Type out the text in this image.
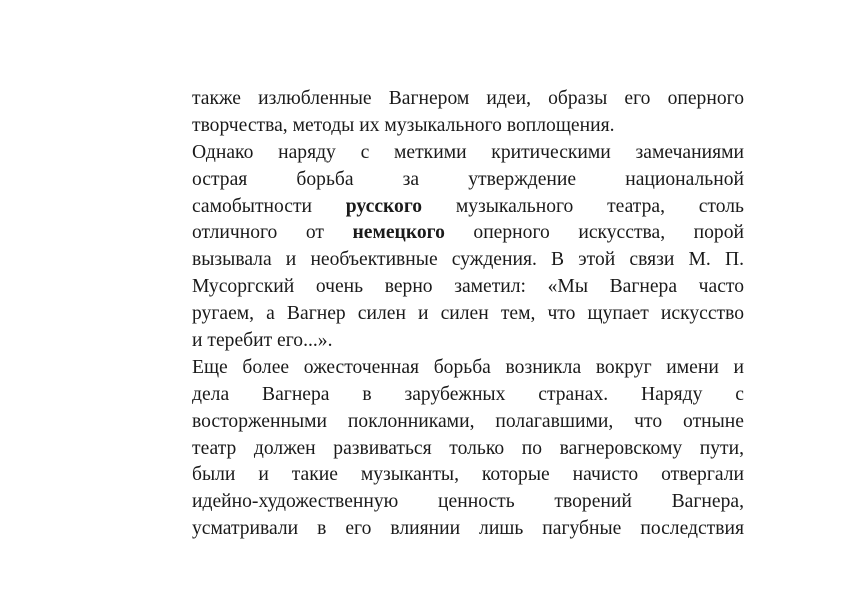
также излюбленные Вагнером идеи, образы его оперного
творчества, методы их музыкального воплощения.
Однако наряду с меткими критическими замечаниями
острая борьба за утверждение национальной
самобытности русского музыкального театра, столь
отличного от немецкого оперного искусства, порой
вызывала и необъективные суждения. В этой связи М. П.
Мусоргский очень верно заметил: «Мы Вагнера часто
ругаем, а Вагнер силен и силен тем, что щупает искусство
и теребит его...».
Еще более ожесточенная борьба возникла вокруг имени и
дела Вагнера в зарубежных странах. Наряду с
восторженными поклонниками, полагавшими, что отныне
театр должен развиваться только по вагнеровскому пути,
были и такие музыканты, которые начисто отвергали
идейно-художественную ценность творений Вагнера,
усматривали в его влиянии лишь пагубные последствия
